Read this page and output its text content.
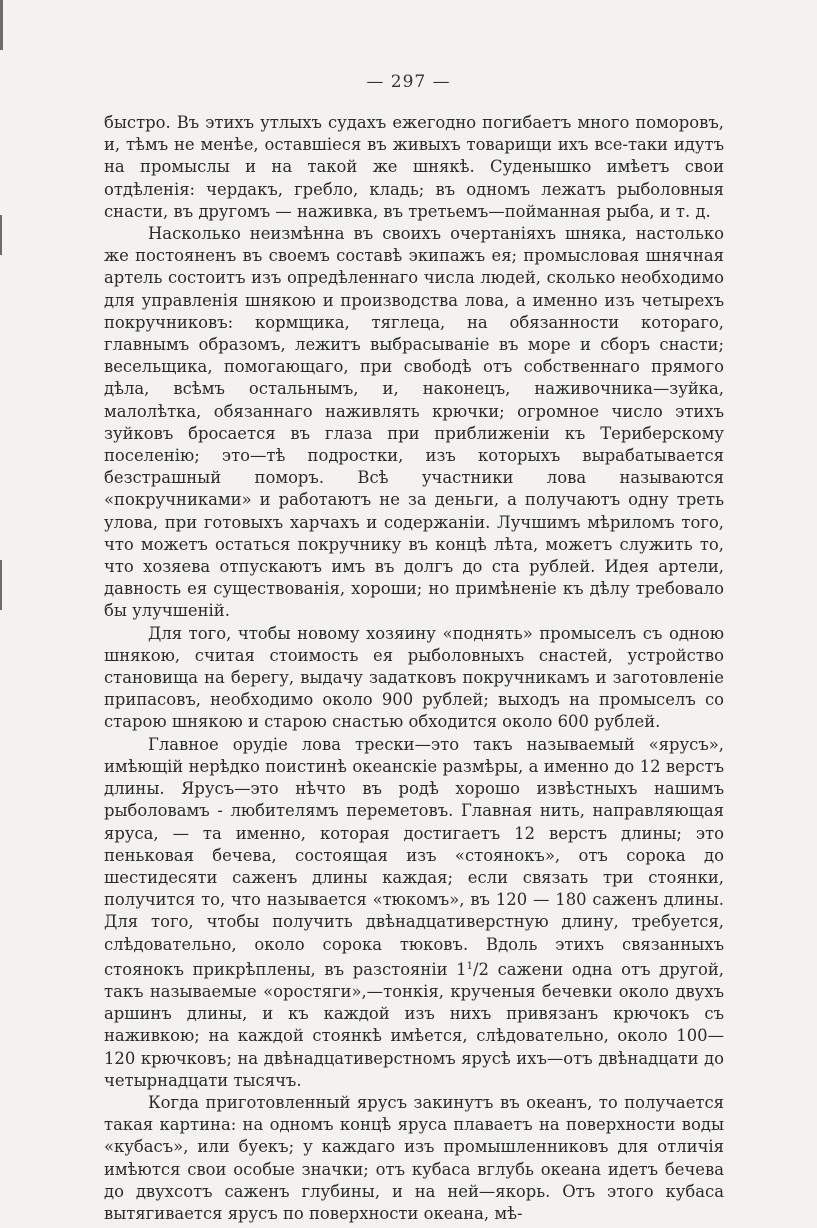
— 297 —

быстро. Въ этихъ утлыхъ судахъ ежегодно погибаетъ много поморовъ, и, тѣмъ не менѣе, оставшіеся въ живыхъ товарищи ихъ все-таки идутъ на промыслы и на такой же шнякѣ. Суденышко имѣетъ свои отдѣленія: чердакъ, гребло, кладь; въ одномъ лежатъ рыболовныя снасти, въ другомъ — наживка, въ третьемъ—пойманная рыба, и т. д.

Насколько неизмѣнна въ своихъ очертаніяхъ шняка, настолько же постояненъ въ своемъ составѣ экипажъ ея; промысловая шнячная артель состоитъ изъ опредѣленнаго числа людей, сколько необходимо для управленія шнякою и производства лова, а именно изъ четырехъ покручниковъ: кормщика, тяглеца, на обязанности котораго, главнымъ образомъ, лежитъ выбрасываніе въ море и сборъ снасти; весельщика, помогающаго, при свободѣ отъ собственнаго прямого дѣла, всѣмъ остальнымъ, и, наконецъ, наживочника—зуйка, малолѣтка, обязаннаго наживлять крючки; огромное число этихъ зуйковъ бросается въ глаза при приближеніи къ Териберскому поселенію; это—тѣ подростки, изъ которыхъ вырабатывается безстрашный поморъ. Всѣ участники лова называются «покручниками» и работаютъ не за деньги, а получаютъ одну треть улова, при готовыхъ харчахъ и содержаніи. Лучшимъ мѣриломъ того, что можетъ остаться покручнику въ концѣ лѣта, можетъ служить то, что хозяева отпускаютъ имъ въ долгъ до ста рублей. Идея артели, давность ея существованія, хороши; но примѣненіе къ дѣлу требовало бы улучшеній.

Для того, чтобы новому хозяину «поднять» промыселъ съ одною шнякою, считая стоимость ея рыболовныхъ снастей, устройство становища на берегу, выдачу задатковъ покручникамъ и заготовленіе припасовъ, необходимо около 900 рублей; выходъ на промыселъ со старою шнякою и старою снастью обходится около 600 рублей.

Главное орудіе лова трески—это такъ называемый «ярусъ», имѣющій нерѣдко поистинѣ океанскіе размѣры, а именно до 12 верстъ длины. Ярусъ—это нѣчто въ родѣ хорошо извѣстныхъ нашимъ рыболовамъ - любителямъ переметовъ. Главная нить, направляющая яруса, — та именно, которая достигаетъ 12 верстъ длины; это пеньковая бечева, состоящая изъ «стоянокъ», отъ сорока до шестидесяти саженъ длины каждая; если связать три стоянки, получится то, что называется «тюкомъ», въ 120 — 180 саженъ длины. Для того, чтобы получить двѣнадцативерстную длину, требуется, слѣдовательно, около сорока тюковъ. Вдоль этихъ связанныхъ стоянокъ прикрѣплены, въ разстояніи $1^1/2$ сажени одна отъ другой, такъ называемые «оростяги»,—тонкія, крученыя бечевки около двухъ аршинъ длины, и къ каждой изъ нихъ привязанъ крючокъ съ наживкою; на каждой стоянкѣ имѣется, слѣдовательно, около 100—120 крючковъ; на двѣнадцативерстномъ ярусѣ ихъ—отъ двѣнадцати до четырнадцати тысячъ.

Когда приготовленный ярусъ закинутъ въ океанъ, то получается такая картина: на одномъ концѣ яруса плаваетъ на поверхности воды «кубасъ», или буекъ; у каждаго изъ промышленниковъ для отличія имѣются свои особые значки; отъ кубаса вглубь океана идетъ бечева до двухсотъ саженъ глубины, и на ней—якорь. Отъ этого кубаса вытягивается ярусъ по поверхности океана, мѣ-
